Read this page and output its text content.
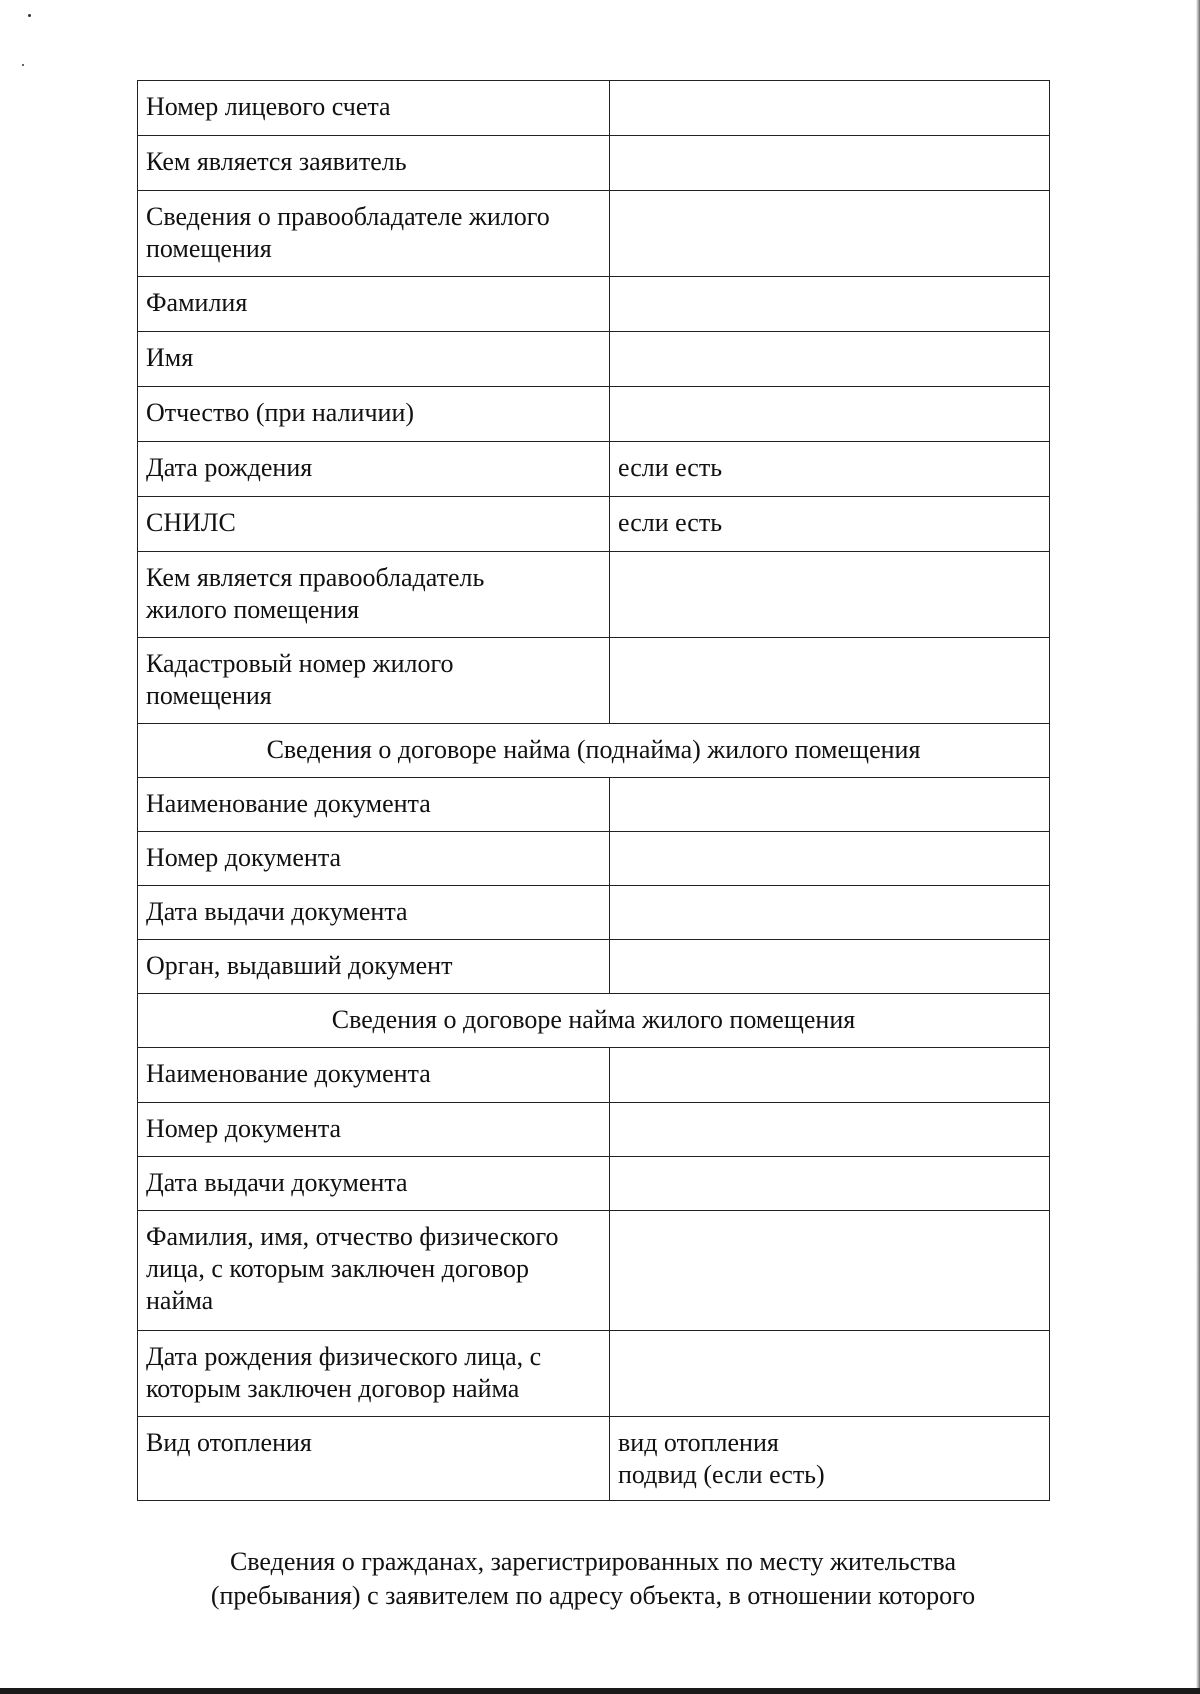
Номер лицевого счета	

Кем является заявитель	

Сведения о правообладателе жилого
помещения	

Фамилия	

Имя	

Отчество (при наличии)	

Дата рождения	если есть

СНИЛС	если есть

Кем является правообладатель
жилого помещения	

Кадастровый номер жилого
помещения	

Сведения о договоре найма (поднайма) жилого помещения	

Наименование документа	

Номер документа	

Дата выдачи документа	

Орган, выдавший документ	

Сведения о договоре найма жилого помещения	

Наименование документа	

Номер документа	

Дата выдачи документа	

Фамилия, имя, отчество физического
лица, с которым заключен договор
найма	

Дата рождения физического лица, с
которым заключен договор найма	

Вид отопления	вид отопления
подвид (если есть)
Сведения о гражданах, зарегистрированных по месту жительства
(пребывания) с заявителем по адресу объекта, в отношении которого
